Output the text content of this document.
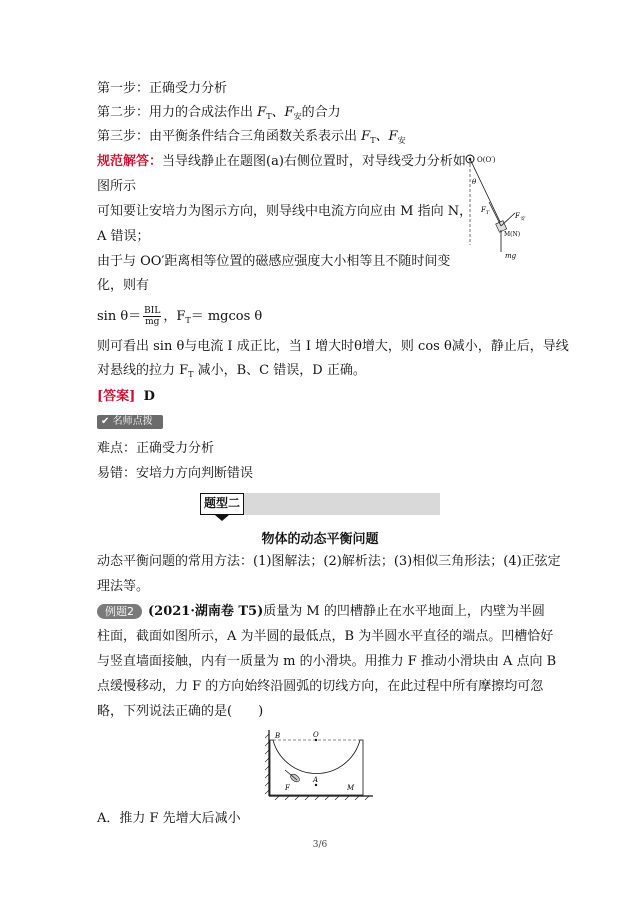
第一步：正确受力分析
第二步：用力的合成法作出 $F_T$、$F_安$的合力
第三步：由平衡条件结合三角函数关系表示出 $F_T$、$F_安$
规范解答：当导线静止在题图(a)右侧位置时，对导线受力分析如
图所示
可知要让安培力为图示方向，则导线中电流方向应由 M 指向 N，
A 错误；
由于与 OO′距离相等位置的磁感应强度大小相等且不随时间变
化，则有
$\sin \theta= \frac{\text{BIL}}{mg}$ ，$F_T= mgcos$ θ
则可看出 sin θ与电流 I 成正比，当 I 增大时θ增大，则 cos θ减小，静止后，导线
对悬线的拉力 $F_T$ 减小，B、C 错误，D 正确。
[答案] D
✔ 名师点拨
难点：正确受力分析
易错：安培力方向判断错误
题型二
物体的动态平衡问题
动态平衡问题的常用方法：(1)图解法；(2)解析法；(3)相似三角形法；(4)正弦定
理法等。
例题2 (2021·湖南卷 T5)质量为 M 的凹槽静止在水平地面上，内壁为半圆
柱面，截面如图所示，A 为半圆的最低点，B 为半圆水平直径的端点。凹槽恰好
与竖直墙面接触，内有一质量为 m 的小滑块。用推力 F 推动小滑块由 A 点向 B
点缓慢移动，力 F 的方向始终沿圆弧的切线方向，在此过程中所有摩擦均可忽
略，下列说法正确的是(　　)
A．推力 F 先增大后减小
O(O′)
θ
$F_T$	$F_安$
M(N)
mg
O
B
A
F	M
3/6
